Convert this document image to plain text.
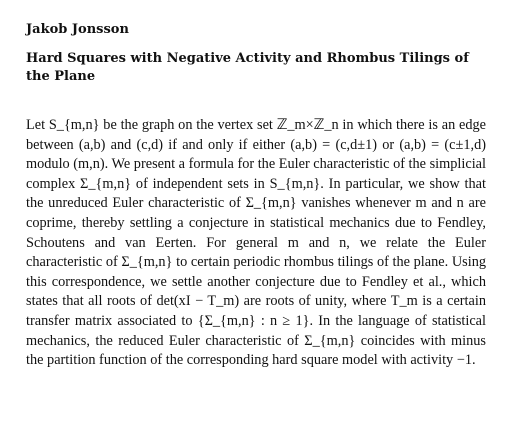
Jakob Jonsson
Hard Squares with Negative Activity and Rhombus Tilings of the Plane

Let S_{m,n} be the graph on the vertex set ℤ_m×ℤ_n in which there is an edge between (a,b) and (c,d) if and only if either (a,b) = (c,d±1) or (a,b) = (c±1,d) modulo (m,n). We present a formula for the Euler characteristic of the simplicial complex Σ_{m,n} of independent sets in S_{m,n}. In particular, we show that the unreduced Euler characteristic of Σ_{m,n} vanishes whenever m and n are coprime, thereby settling a conjecture in statistical mechanics due to Fendley, Schoutens and van Eerten. For general m and n, we relate the Euler characteristic of Σ_{m,n} to certain periodic rhombus tilings of the plane. Using this correspondence, we settle another conjecture due to Fendley et al., which states that all roots of det(xI − T_m) are roots of unity, where T_m is a certain transfer matrix associated to {Σ_{m,n} : n ≥ 1}. In the language of statistical mechanics, the reduced Euler characteristic of Σ_{m,n} coincides with minus the partition function of the corresponding hard square model with activity −1.
